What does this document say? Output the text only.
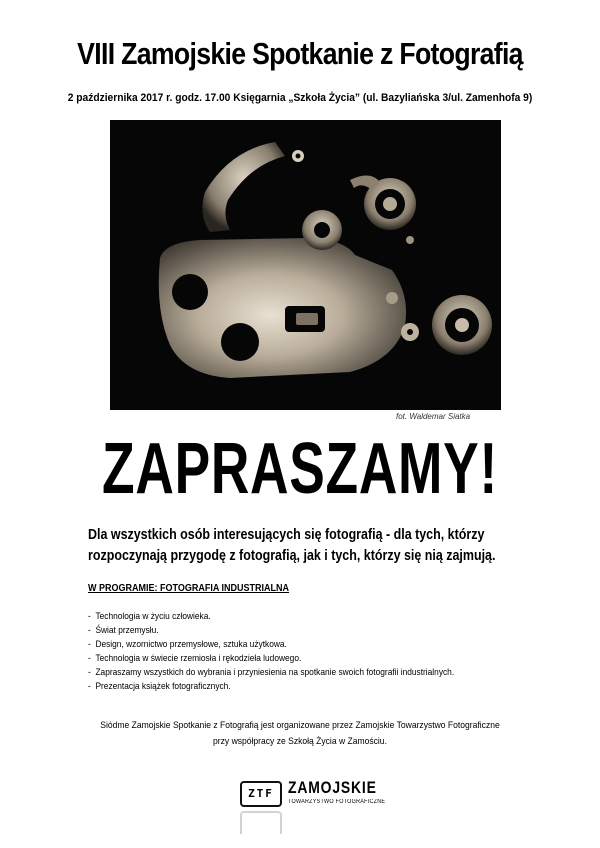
VIII Zamojskie Spotkanie z Fotografią
2 października 2017 r. godz. 17.00 Księgarnia „Szkoła Życia” (ul. Bazyliańska 3/ul. Zamenhofa 9)
fot. Waldemar Siatka
ZAPRASZAMY!
Dla wszystkich osób interesujących się fotografią - dla tych, którzy rozpoczynają przygodę z fotografią, jak i tych, którzy się nią zajmują.
W PROGRAMIE: FOTOGRAFIA INDUSTRIALNA
-  Technologia w życiu człowieka.
-  Świat przemysłu.
-  Design, wzornictwo przemysłowe, sztuka użytkowa.
-  Technologia w świecie rzemiosła i rękodzieła ludowego.
-  Zapraszamy wszystkich do wybrania i przyniesienia na spotkanie swoich fotografii industrialnych.
-  Prezentacja książek fotograficznych.
Siódme Zamojskie Spotkanie z Fotografią jest organizowane przez Zamojskie Towarzystwo Fotograficzne
przy współpracy ze Szkołą Życia w Zamościu.
ZTF ZAMOJSKIE
TOWARZYSTWO FOTOGRAFICZNE
